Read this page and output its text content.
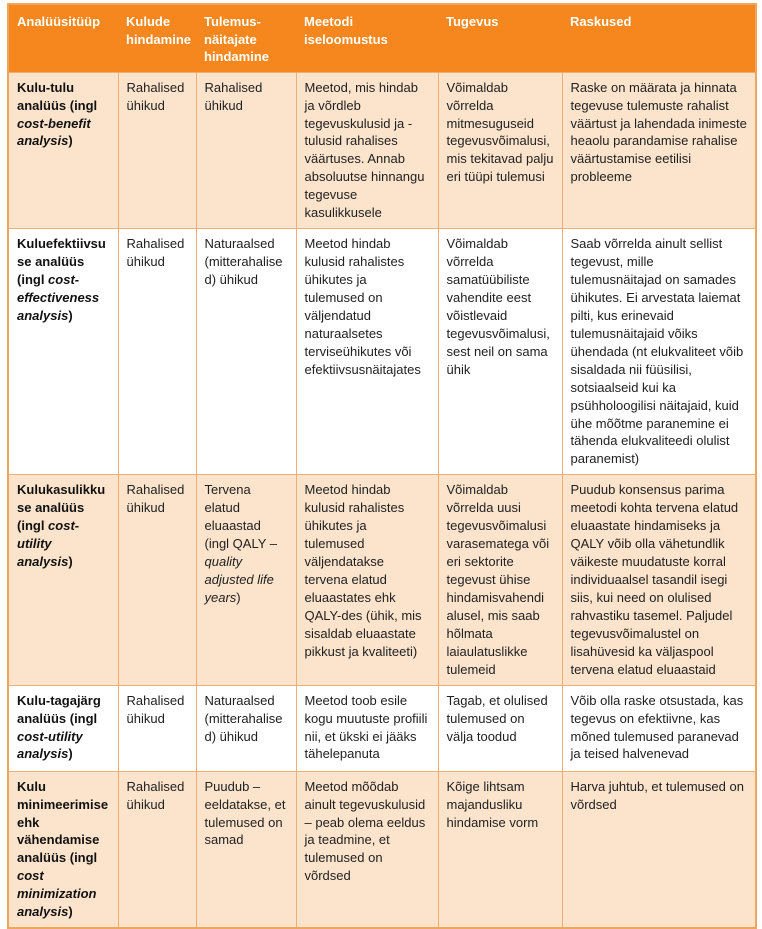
Analüüsitüüp	Kulude hindamine	Tulemus-näitajate hindamine	Meetodi iseloomustus	Tugevus	Raskused
Kulu-tulu analüüs (ingl cost-benefit analysis)	Rahalised ühikud	Rahalised ühikud	Meetod, mis hindab ja võrdleb tegevuskulusid ja -tulusid rahalises väärtuses. Annab absoluutse hinnangu tegevuse kasulikkusele	Võimaldab võrrelda mitmesuguseid tegevusvõimalusi, mis tekitavad palju eri tüüpi tulemusi	Raske on määrata ja hinnata tegevuse tulemuste rahalist väärtust ja lahendada inimeste heaolu parandamise rahalise väärtustamise eetilisi probleeme
Kuluefektiivsuse analüüs (ingl cost-effectiveness analysis)	Rahalised ühikud	Naturaalsed (mitterahalised) ühikud	Meetod hindab kulusid rahalistes ühikutes ja tulemused on väljendatud naturaalsetes terviseühikutes või efektiivsusnäitajates	Võimaldab võrrelda samatüübiliste vahendite eest võistlevaid tegevusvõimalusi, sest neil on sama ühik	Saab võrrelda ainult sellist tegevust, mille tulemusnäitajad on samades ühikutes. Ei arvestata laiemat pilti, kus erinevaid tulemusnäitajaid võiks ühendada (nt elukvaliteet võib sisaldada nii füüsilisi, sotsiaalseid kui ka psühholoogilisi näitajaid, kuid ühe mõõtme paranemine ei tähenda elukvaliteedi olulist paranemist)
Kulukasulikkuse analüüs (ingl cost-utility analysis)	Rahalised ühikud	Tervena elatud eluaastad (ingl QALY – quality adjusted life years)	Meetod hindab kulusid rahalistes ühikutes ja tulemused väljendatakse tervena elatud eluaastates ehk QALY-des (ühik, mis sisaldab eluaastate pikkust ja kvaliteeti)	Võimaldab võrrelda uusi tegevusvõimalusi varasematega või eri sektorite tegevust ühise hindamisvahendi alusel, mis saab hõlmata laiaulatuslikke tulemeid	Puudub konsensus parima meetodi kohta tervena elatud eluaastate hindamiseks ja QALY võib olla vähetundlik väikeste muudatuste korral individuaalsel tasandil isegi siis, kui need on olulised rahvastiku tasemel. Paljudel tegevusvõimalustel on lisahüvesid ka väljaspool tervena elatud eluaastaid
Kulu-tagajärg analüüs (ingl cost-utility analysis)	Rahalised ühikud	Naturaalsed (mitterahalised) ühikud	Meetod toob esile kogu muutuste profiili nii, et ükski ei jääks tähelepanuta	Tagab, et olulised tulemused on välja toodud	Võib olla raske otsustada, kas tegevus on efektiivne, kas mõned tulemused paranevad ja teised halvenevad
Kulu minimeerimise ehk vähendamise analüüs (ingl cost minimization analysis)	Rahalised ühikud	Puudub – eeldatakse, et tulemused on samad	Meetod mõõdab ainult tegevuskulusid – peab olema eeldus ja teadmine, et tulemused on võrdsed	Kõige lihtsam majandusliku hindamise vorm	Harva juhtub, et tulemused on võrdsed
